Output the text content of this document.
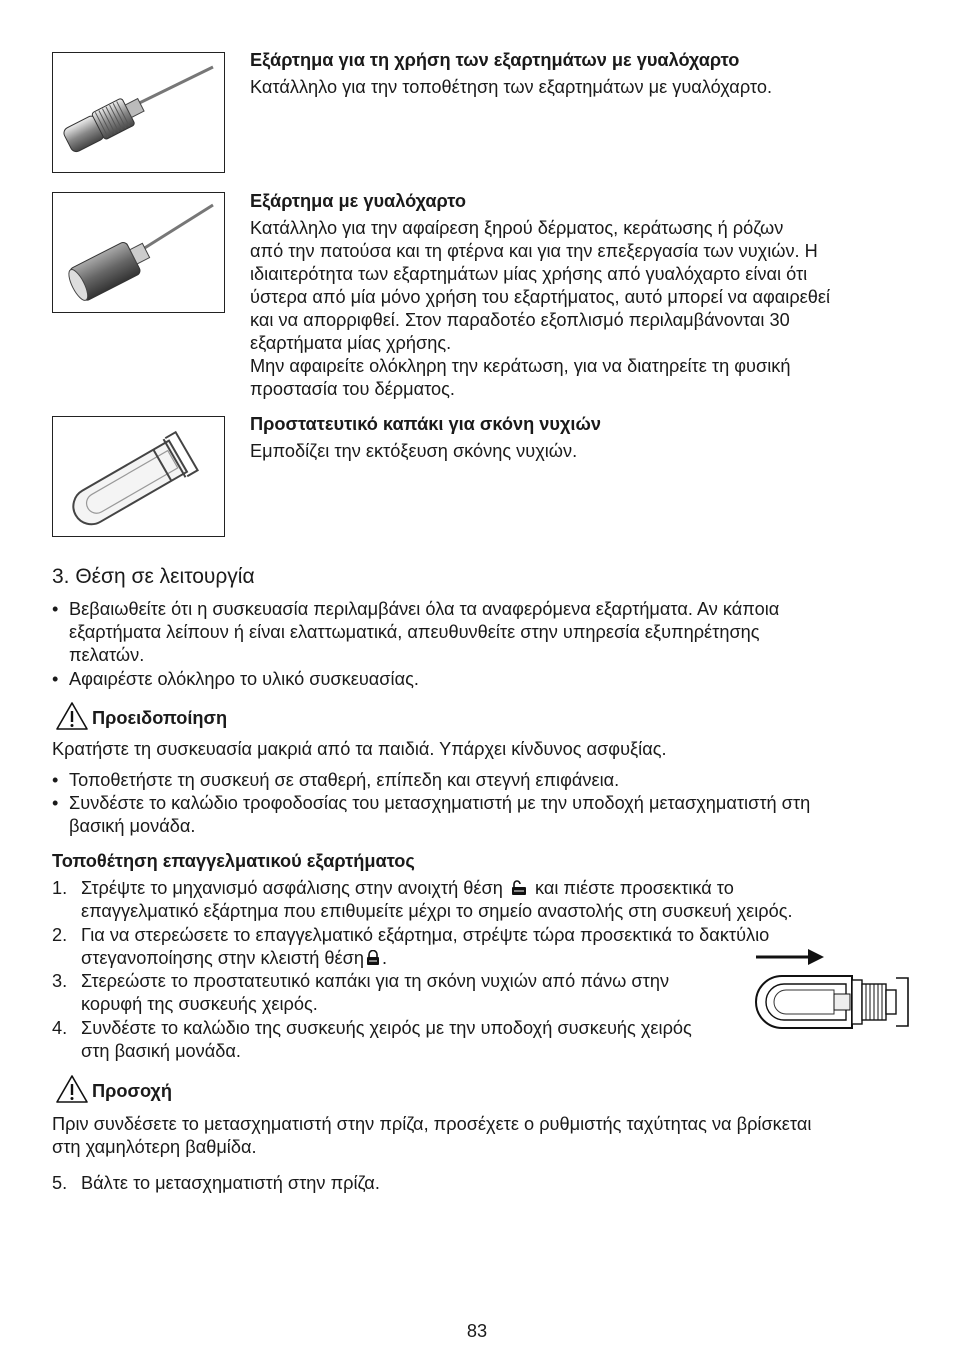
Εξάρτημα για τη χρήση των εξαρτημάτων με γυαλόχαρτο
Κατάλληλο για την τοποθέτηση των εξαρτημάτων με γυαλόχαρτο.
Εξάρτημα με γυαλόχαρτο
Κατάλληλο για την αφαίρεση ξηρού δέρματος, κεράτωσης ή ρόζων
από την πατούσα και τη φτέρνα και για την επεξεργασία των νυχιών. Η
ιδιαιτερότητα των εξαρτημάτων μίας χρήσης από γυαλόχαρτο είναι ότι
ύστερα από μία μόνο χρήση του εξαρτήματος, αυτό μπορεί να αφαιρεθεί
και να απορριφθεί. Στον παραδοτέο εξοπλισμό περιλαμβάνονται 30
εξαρτήματα μίας χρήσης.
Μην αφαιρείτε ολόκληρη την κεράτωση, για να διατηρείτε τη φυσική
προστασία του δέρματος.
Προστατευτικό καπάκι για σκόνη νυχιών
Εμποδίζει την εκτόξευση σκόνης νυχιών.
3. Θέση σε λειτουργία
• Βεβαιωθείτε ότι η συσκευασία περιλαμβάνει όλα τα αναφερόμενα εξαρτήματα. Αν κάποια
εξαρτήματα λείπουν ή είναι ελαττωματικά, απευθυνθείτε στην υπηρεσία εξυπηρέτησης
πελατών.
• Αφαιρέστε ολόκληρο το υλικό συσκευασίας.
Προειδοποίηση
Κρατήστε τη συσκευασία μακριά από τα παιδιά. Υπάρχει κίνδυνος ασφυξίας.
• Τοποθετήστε τη συσκευή σε σταθερή, επίπεδη και στεγνή επιφάνεια.
• Συνδέστε το καλώδιο τροφοδοσίας του μετασχηματιστή με την υποδοχή μετασχηματιστή στη
βασική μονάδα.
Τοποθέτηση επαγγελματικού εξαρτήματος
1. Στρέψτε το μηχανισμό ασφάλισης στην ανοιχτή θέση και πιέστε προσεκτικά το
επαγγελματικό εξάρτημα που επιθυμείτε μέχρι το σημείο αναστολής στη συσκευή χειρός.
2. Για να στερεώσετε το επαγγελματικό εξάρτημα, στρέψτε τώρα προσεκτικά το δακτύλιο
στεγανοποίησης στην κλειστή θέση .
3. Στερεώστε το προστατευτικό καπάκι για τη σκόνη νυχιών από πάνω στην
κορυφή της συσκευής χειρός.
4. Συνδέστε το καλώδιο της συσκευής χειρός με την υποδοχή συσκευής χειρός
στη βασική μονάδα.
Προσοχή
Πριν συνδέσετε το μετασχηματιστή στην πρίζα, προσέχετε ο ρυθμιστής ταχύτητας να βρίσκεται
στη χαμηλότερη βαθμίδα.
5. Βάλτε το μετασχηματιστή στην πρίζα.
83
